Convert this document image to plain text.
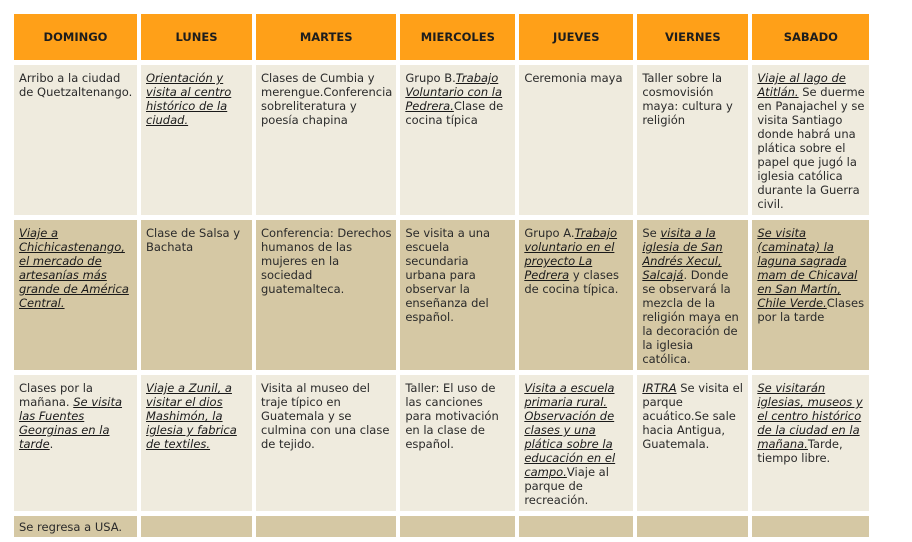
DOMINGO	LUNES	MARTES	MIERCOLES	JUEVES	VIERNES	SABADO
Arribo a la ciudad de Quetzaltenango.	Orientación y visita al centro histórico de la ciudad.	Clases de Cumbia y merengue.Conferencia sobreliteratura y poesía chapina	Grupo B.Trabajo Voluntario con la Pedrera.Clase de cocina típica	Ceremonia maya	Taller sobre la cosmovisión maya: cultura y religión	Viaje al lago de Atitlán. Se duerme en Panajachel y se visita Santiago donde habrá una plática sobre el papel que jugó la iglesia católica durante la Guerra civil.
Viaje a Chichicastenango, el mercado de artesanías más grande de América Central.	Clase de Salsa y Bachata	Conferencia: Derechos humanos de las mujeres en la sociedad guatemalteca.	Se visita a una escuela secundaria urbana para observar la enseñanza del español.	Grupo A.Trabajo voluntario en el proyecto La Pedrera y clases de cocina típica.	Se visita a la iglesia de San Andrés Xecul, Salcajá. Donde se observará la mezcla de la religión maya en la decoración de la iglesia católica.	Se visita (caminata) la laguna sagrada mam de Chicaval en San Martín, Chile Verde.Clases por la tarde
Clases por la mañana. Se visita las Fuentes Georginas en la tarde.	Viaje a Zunil, a visitar el dios Mashimón, la iglesia y fabrica de textiles.	Visita al museo del traje típico en Guatemala y se culmina con una clase de tejido.	Taller: El uso de las canciones para motivación en la clase de español.	Visita a escuela primaria rural. Observación de clases y una plática sobre la educación en el campo.Viaje al parque de recreación.	IRTRA Se visita el parque acuático.Se sale hacia Antigua, Guatemala.	Se visitarán iglesias, museos y el centro histórico de la ciudad en la mañana.Tarde, tiempo libre.
Se regresa a USA.						
